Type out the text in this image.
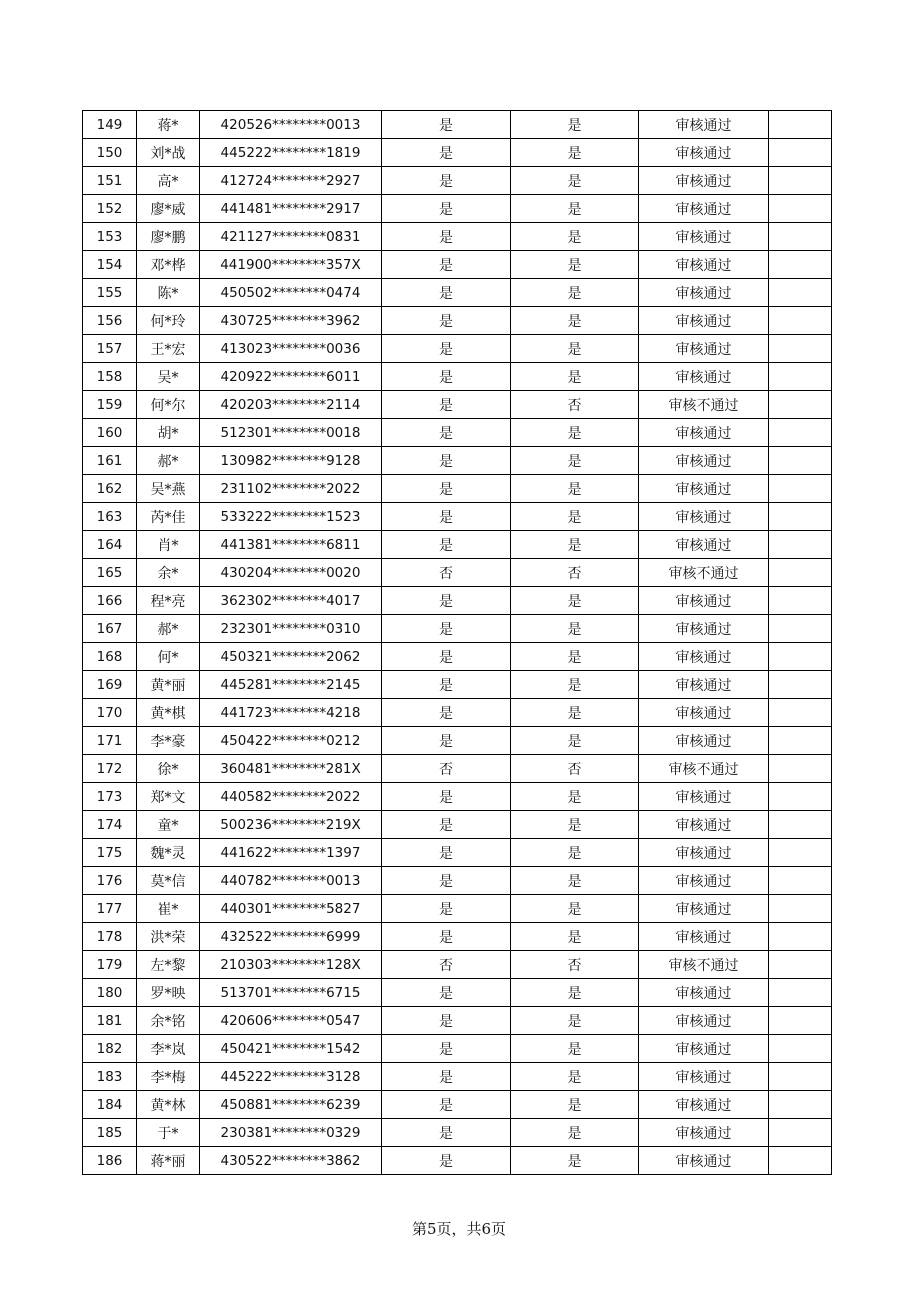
149	蒋*	420526********0013	是	是	审核通过	
150	刘*战	445222********1819	是	是	审核通过	
151	高*	412724********2927	是	是	审核通过	
152	廖*威	441481********2917	是	是	审核通过	
153	廖*鹏	421127********0831	是	是	审核通过	
154	邓*桦	441900********357X	是	是	审核通过	
155	陈*	450502********0474	是	是	审核通过	
156	何*玲	430725********3962	是	是	审核通过	
157	王*宏	413023********0036	是	是	审核通过	
158	吴*	420922********6011	是	是	审核通过	
159	何*尔	420203********2114	是	否	审核不通过	
160	胡*	512301********0018	是	是	审核通过	
161	郝*	130982********9128	是	是	审核通过	
162	吴*燕	231102********2022	是	是	审核通过	
163	芮*佳	533222********1523	是	是	审核通过	
164	肖*	441381********6811	是	是	审核通过	
165	余*	430204********0020	否	否	审核不通过	
166	程*亮	362302********4017	是	是	审核通过	
167	郝*	232301********0310	是	是	审核通过	
168	何*	450321********2062	是	是	审核通过	
169	黄*丽	445281********2145	是	是	审核通过	
170	黄*棋	441723********4218	是	是	审核通过	
171	李*豪	450422********0212	是	是	审核通过	
172	徐*	360481********281X	否	否	审核不通过	
173	郑*文	440582********2022	是	是	审核通过	
174	童*	500236********219X	是	是	审核通过	
175	魏*灵	441622********1397	是	是	审核通过	
176	莫*信	440782********0013	是	是	审核通过	
177	崔*	440301********5827	是	是	审核通过	
178	洪*荣	432522********6999	是	是	审核通过	
179	左*黎	210303********128X	否	否	审核不通过	
180	罗*映	513701********6715	是	是	审核通过	
181	余*铭	420606********0547	是	是	审核通过	
182	李*岚	450421********1542	是	是	审核通过	
183	李*梅	445222********3128	是	是	审核通过	
184	黄*林	450881********6239	是	是	审核通过	
185	于*	230381********0329	是	是	审核通过	
186	蒋*丽	430522********3862	是	是	审核通过	
第5页，共6页
